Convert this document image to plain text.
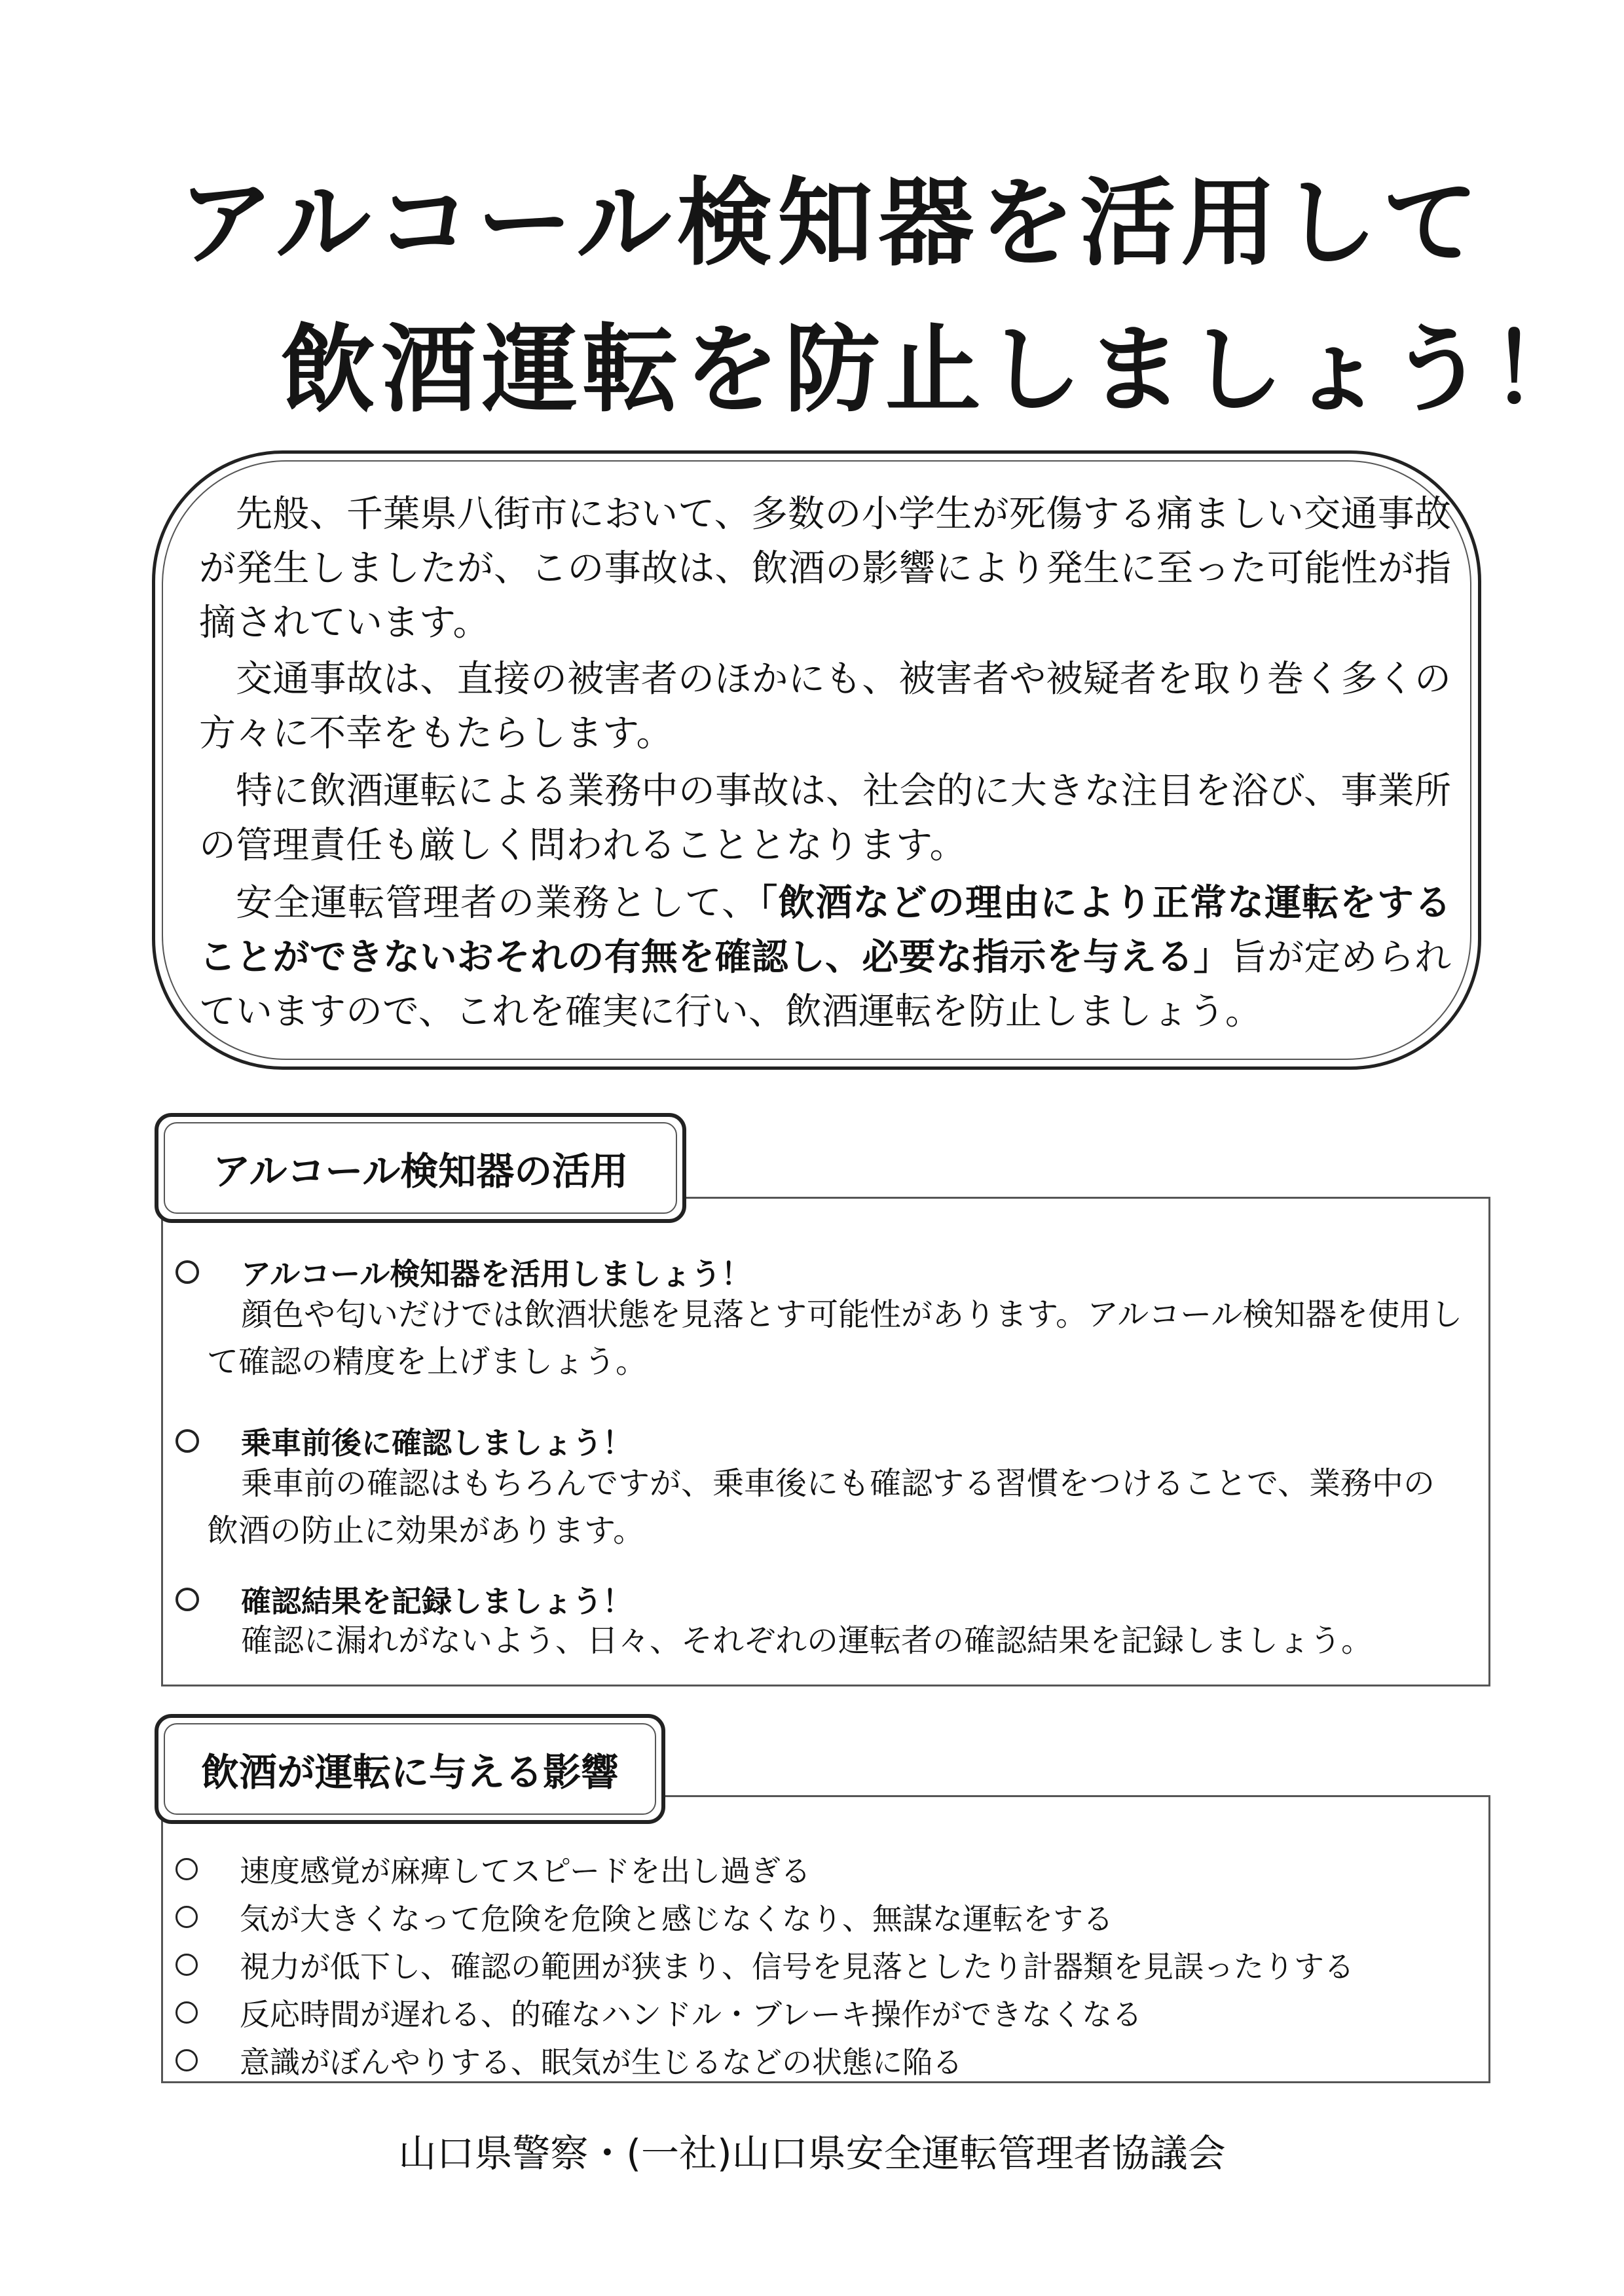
アルコール検知器を活用して
飲酒運転を防止しましょう！

先般、千葉県八街市において、多数の小学生が死傷する痛ましい交通事故が発生しましたが、この事故は、飲酒の影響により発生に至った可能性が指摘されています。

交通事故は、直接の被害者のほかにも、被害者や被疑者を取り巻く多くの方々に不幸をもたらします。

特に飲酒運転による業務中の事故は、社会的に大きな注目を浴び、事業所の管理責任も厳しく問われることとなります。

安全運転管理者の業務として、「飲酒などの理由により正常な運転をすることができないおそれの有無を確認し、必要な指示を与える」旨が定められていますので、これを確実に行い、飲酒運転を防止しましょう。

アルコール検知器の活用
アルコール検知器を活用しましょう！

顔色や匂いだけでは飲酒状態を見落とす可能性があります。アルコール検知器を使用して確認の精度を上げましょう。

乗車前後に確認しましょう！

乗車前の確認はもちろんですが、乗車後にも確認する習慣をつけることで、業務中の飲酒の防止に効果があります。

確認結果を記録しましょう！

確認に漏れがないよう、日々、それぞれの運転者の確認結果を記録しましょう。

飲酒が運転に与える影響
速度感覚が麻痺してスピードを出し過ぎる
気が大きくなって危険を危険と感じなくなり、無謀な運転をする
視力が低下し、確認の範囲が狭まり、信号を見落としたり計器類を見誤ったりする
反応時間が遅れる、的確なハンドル・ブレーキ操作ができなくなる
意識がぼんやりする、眠気が生じるなどの状態に陥る
山口県警察・(一社)山口県安全運転管理者協議会
